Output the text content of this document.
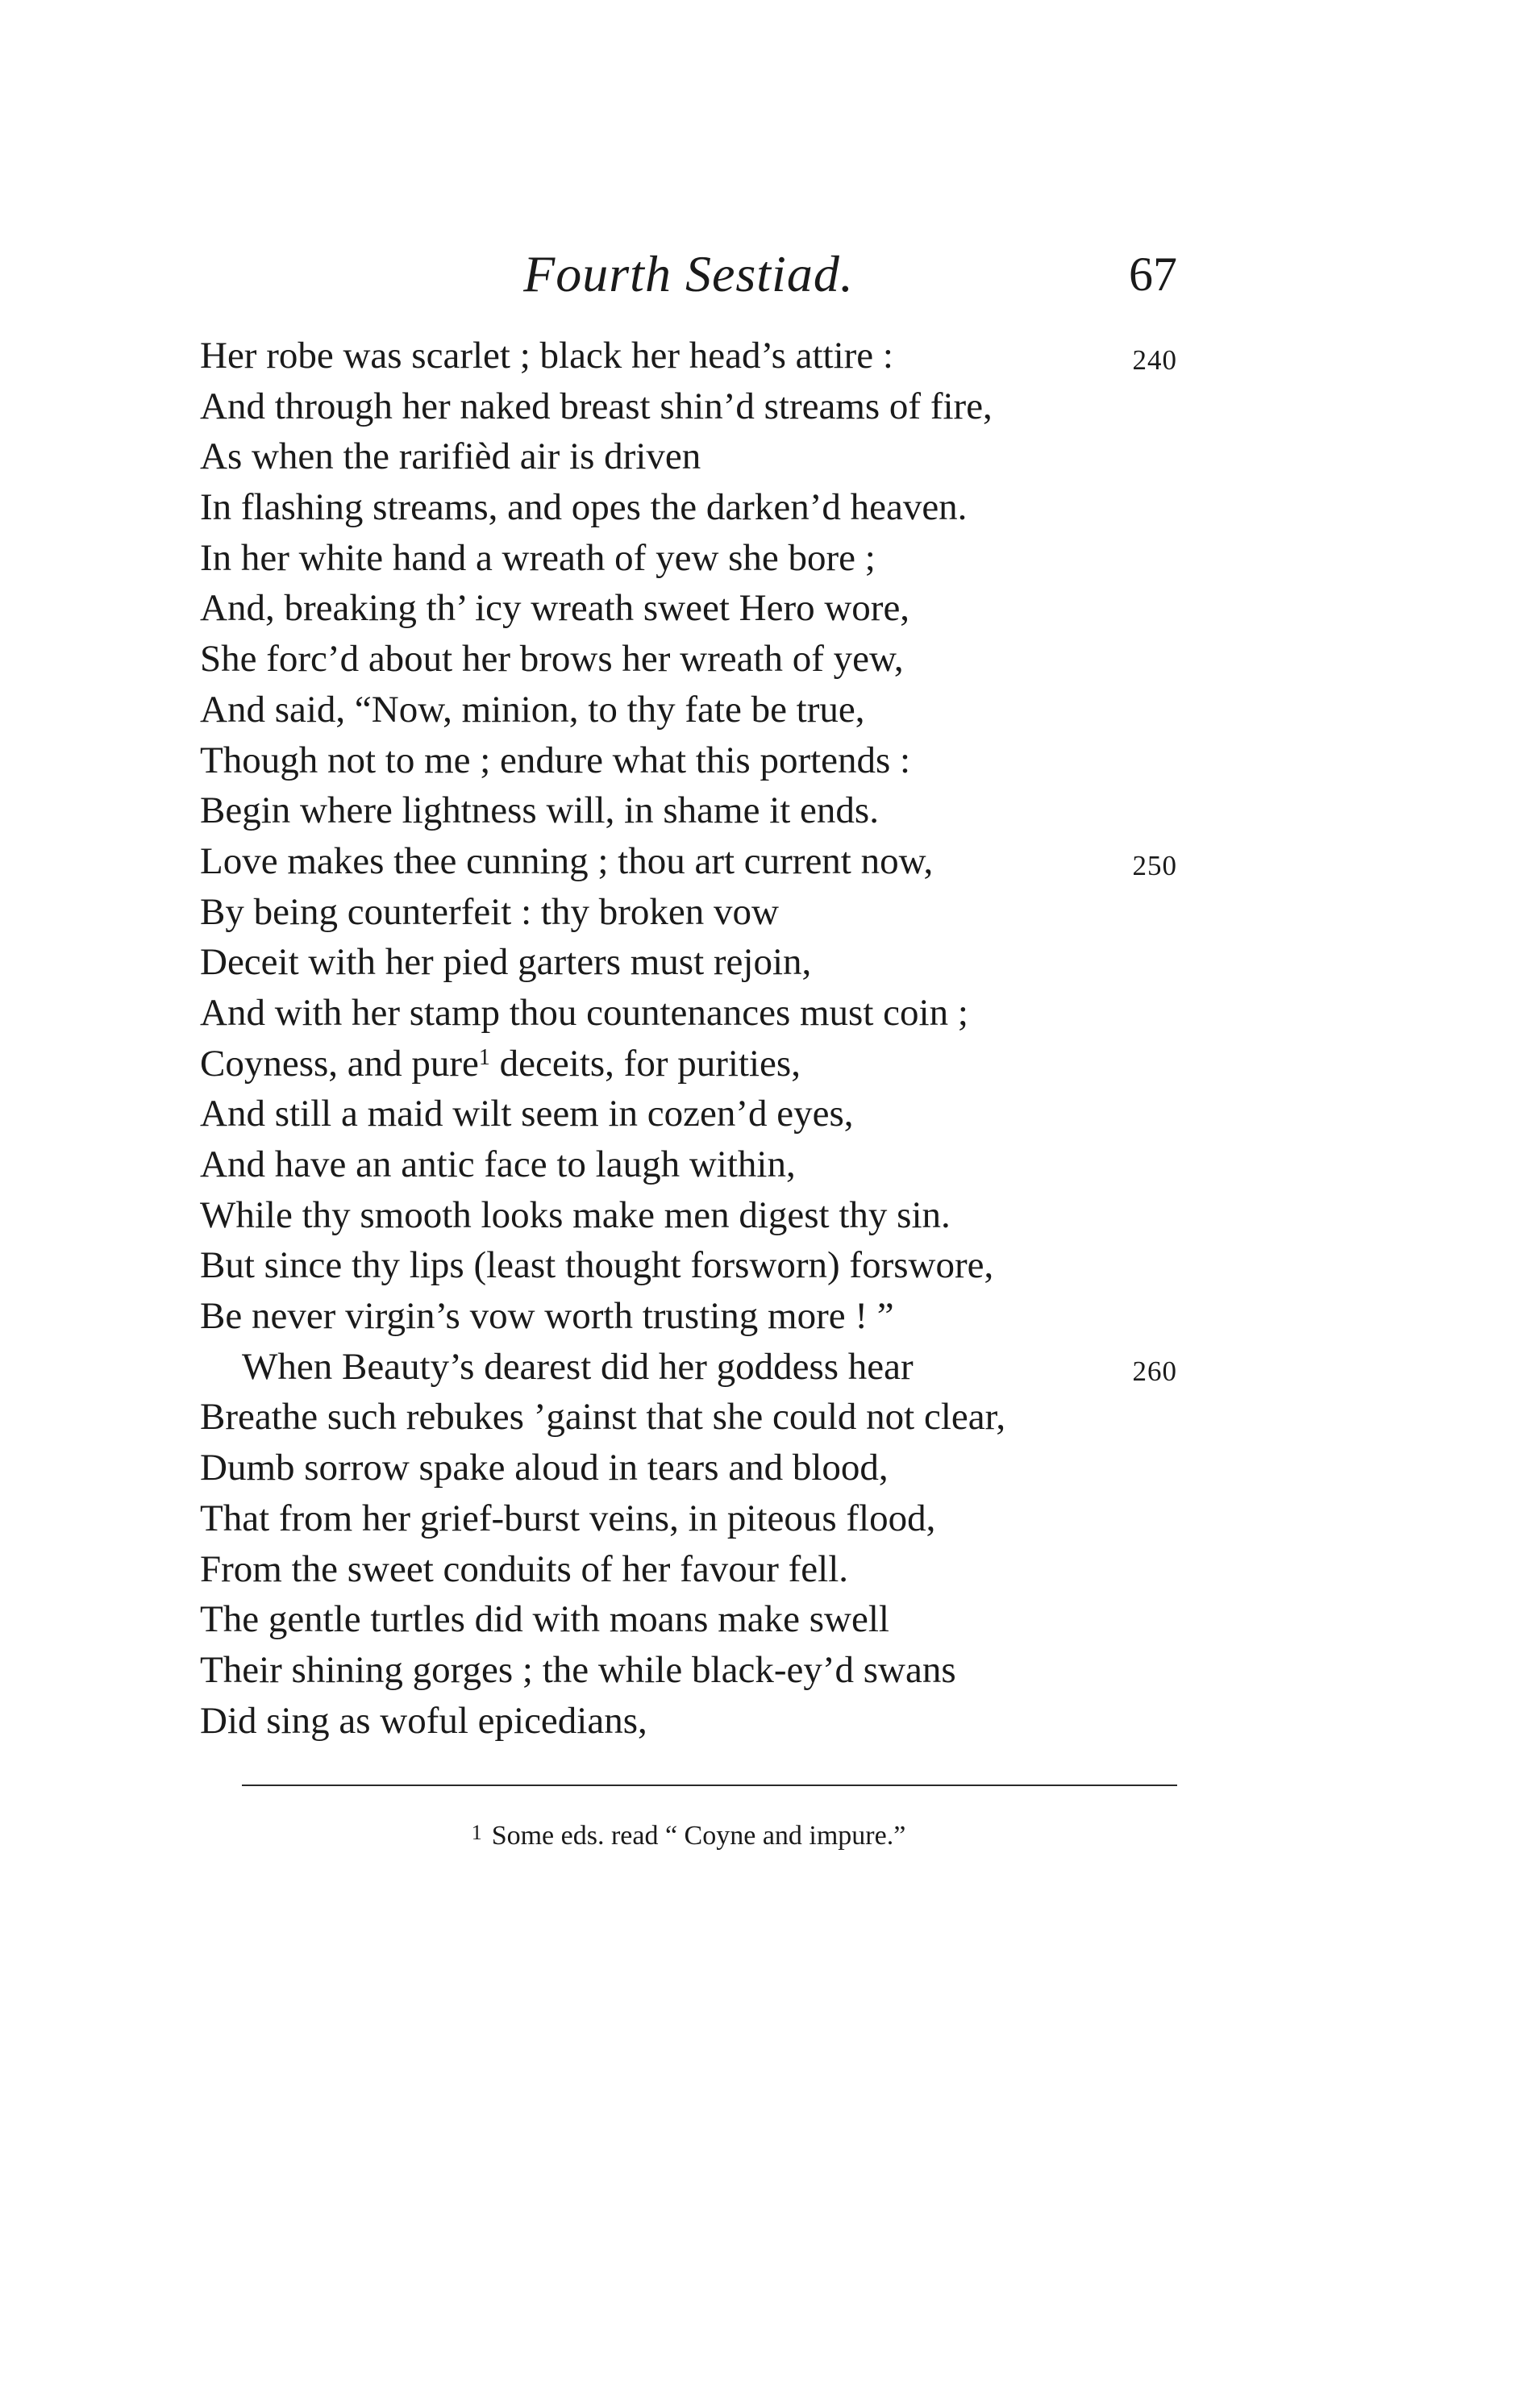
Fourth Sestiad.	67
Her robe was scarlet ; black her head’s attire :	240
And through her naked breast shin’d streams of fire,
As when the rarifièd air is driven
In flashing streams, and opes the darken’d heaven.
In her white hand a wreath of yew she bore ;
And, breaking th’ icy wreath sweet Hero wore,
She forc’d about her brows her wreath of yew,
And said, “Now, minion, to thy fate be true,
Though not to me ; endure what this portends :
Begin where lightness will, in shame it ends.
Love makes thee cunning ; thou art current now,	250
By being counterfeit : thy broken vow
Deceit with her pied garters must rejoin,
And with her stamp thou countenances must coin ;
Coyness, and pure$^1$ deceits, for purities,
And still a maid wilt seem in cozen’d eyes,
And have an antic face to laugh within,
While thy smooth looks make men digest thy sin.
But since thy lips (least thought forsworn) forswore,
Be never virgin’s vow worth trusting more ! ”
When Beauty’s dearest did her goddess hear	260
Breathe such rebukes ’gainst that she could not clear,
Dumb sorrow spake aloud in tears and blood,
That from her grief-burst veins, in piteous flood,
From the sweet conduits of her favour fell.
The gentle turtles did with moans make swell
Their shining gorges ; the while black-ey’d swans
Did sing as woful epicedians,
1 Some eds. read “ Coyne and impure.”
